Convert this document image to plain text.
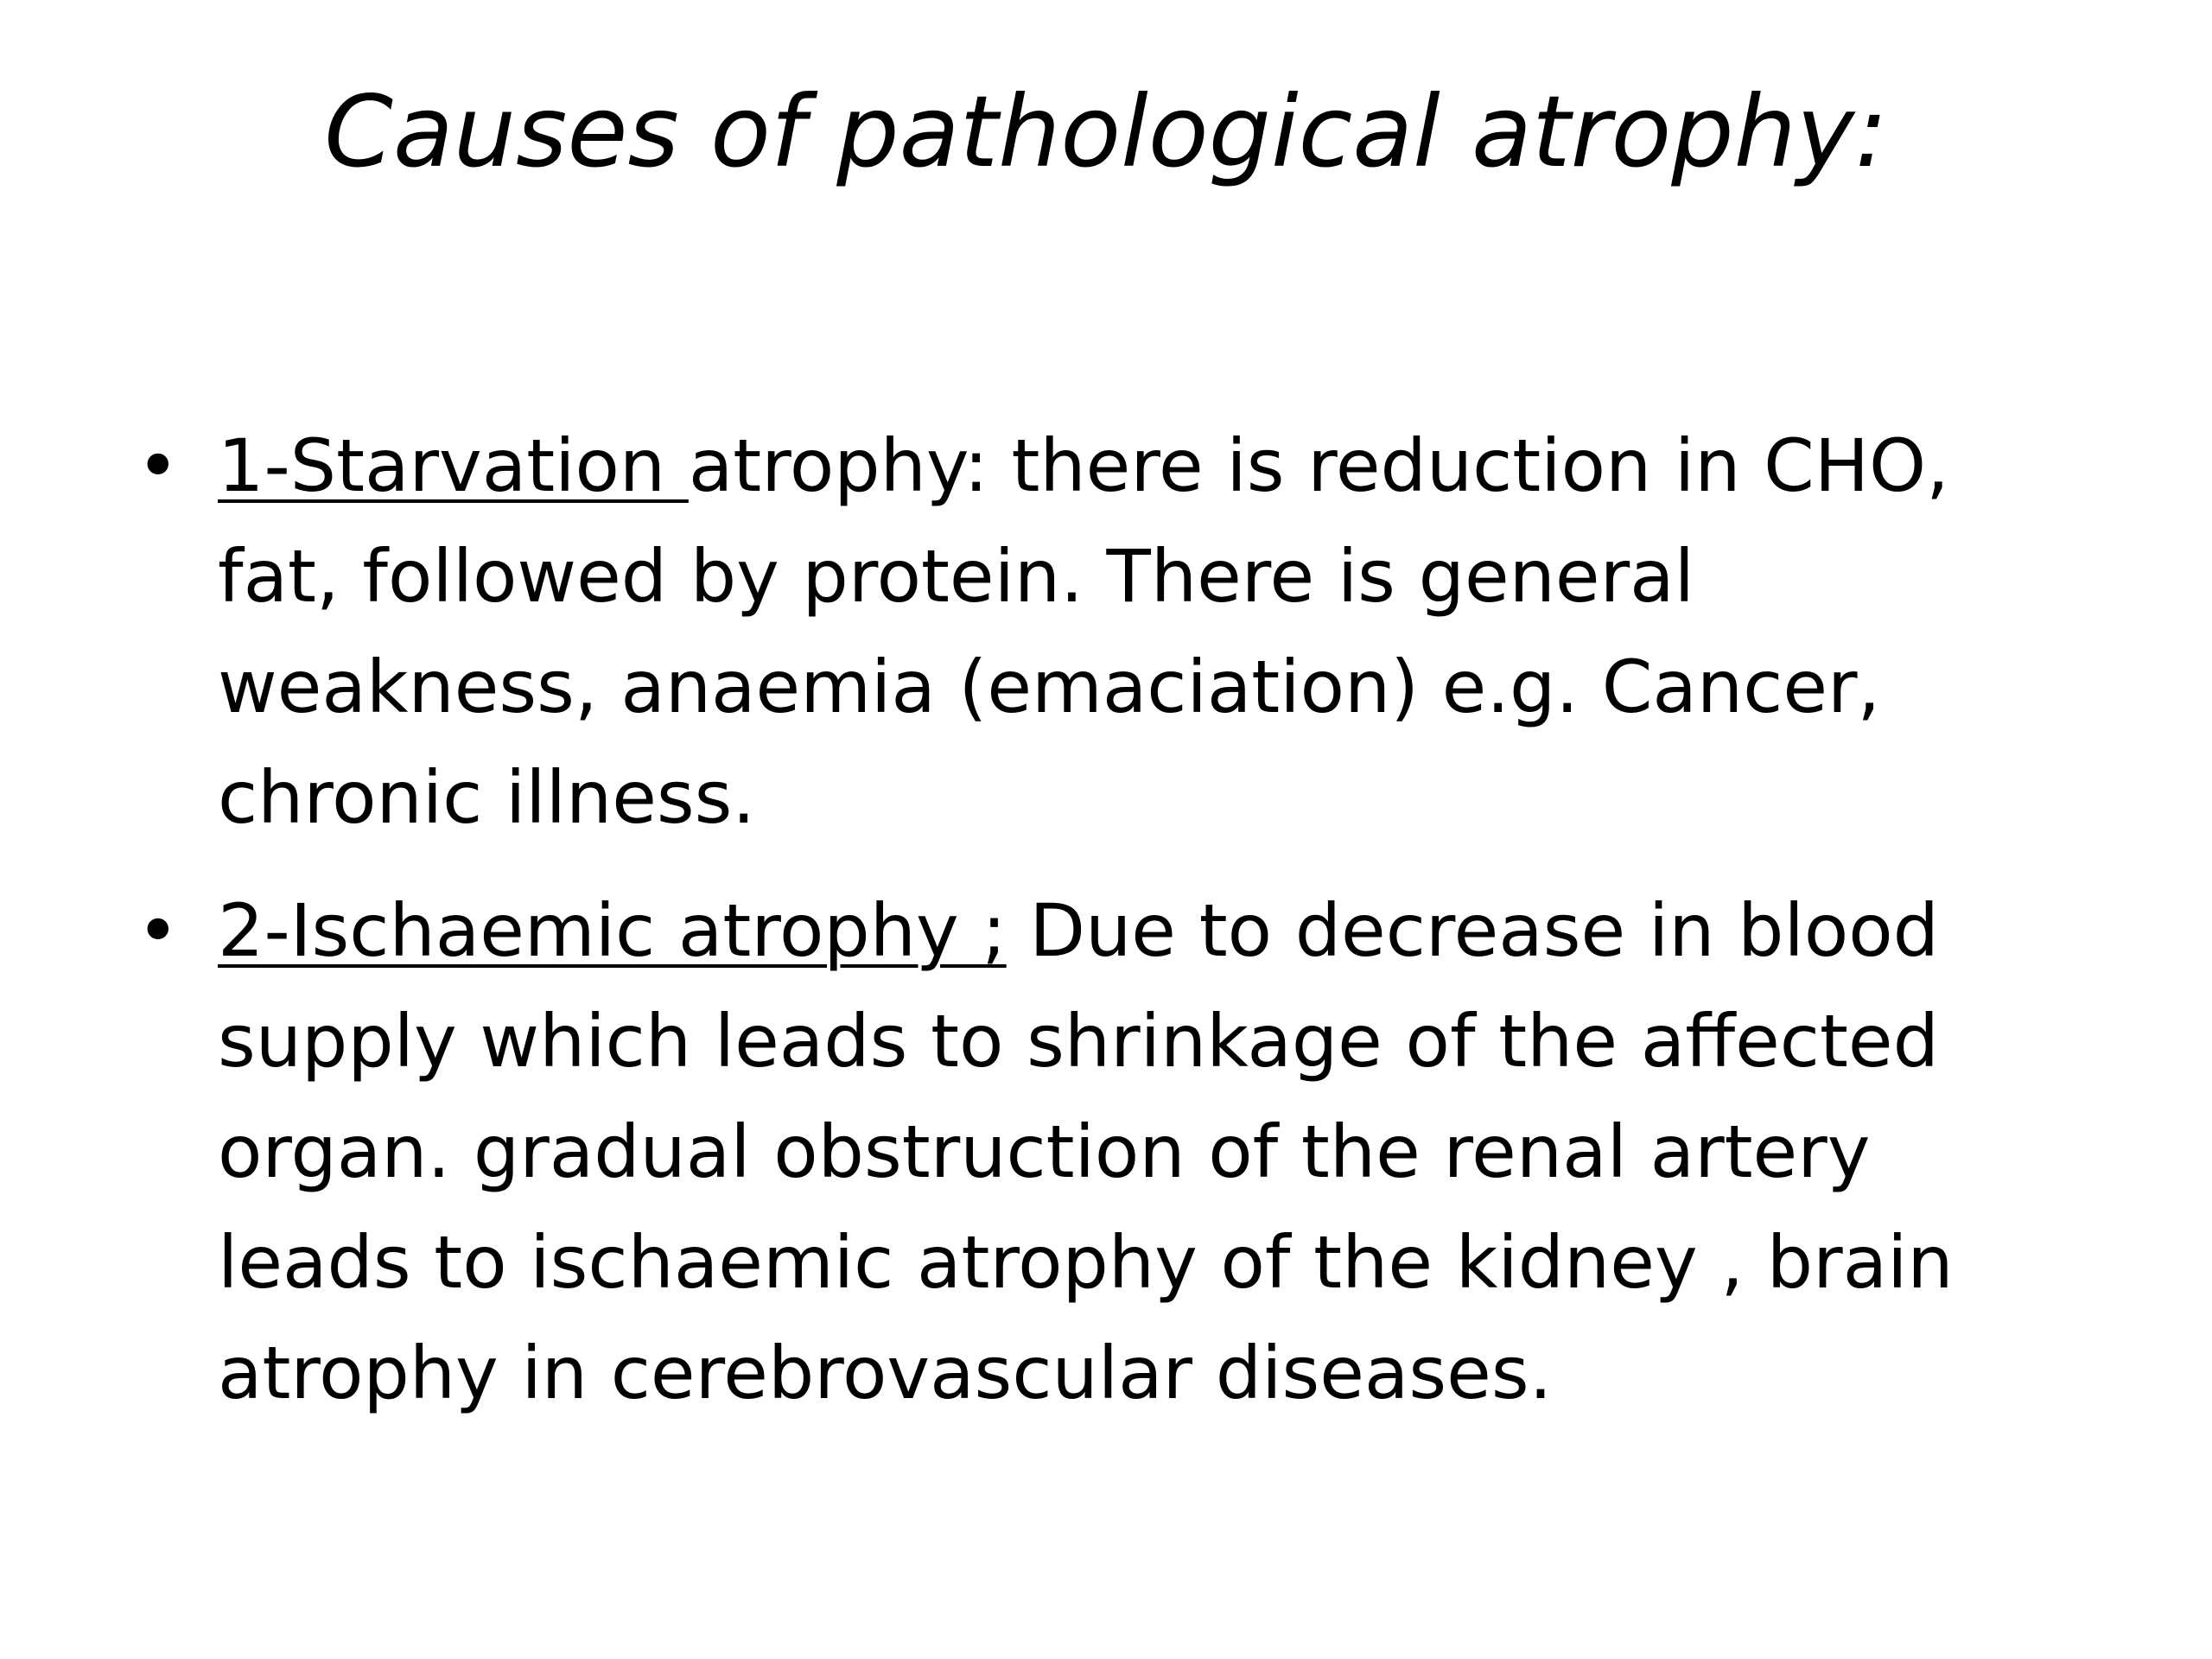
Causes of pathological atrophy:
• 1-Starvation atrophy: there is reduction in CHO, fat, followed by protein. There is general weakness, anaemia (emaciation) e.g. Cancer, chronic illness.
• 2-Ischaemic atrophy ; Due to decrease in blood supply which leads to shrinkage of the affected organ. gradual obstruction of the renal artery leads to ischaemic atrophy of the kidney , brain atrophy in cerebrovascular diseases.
